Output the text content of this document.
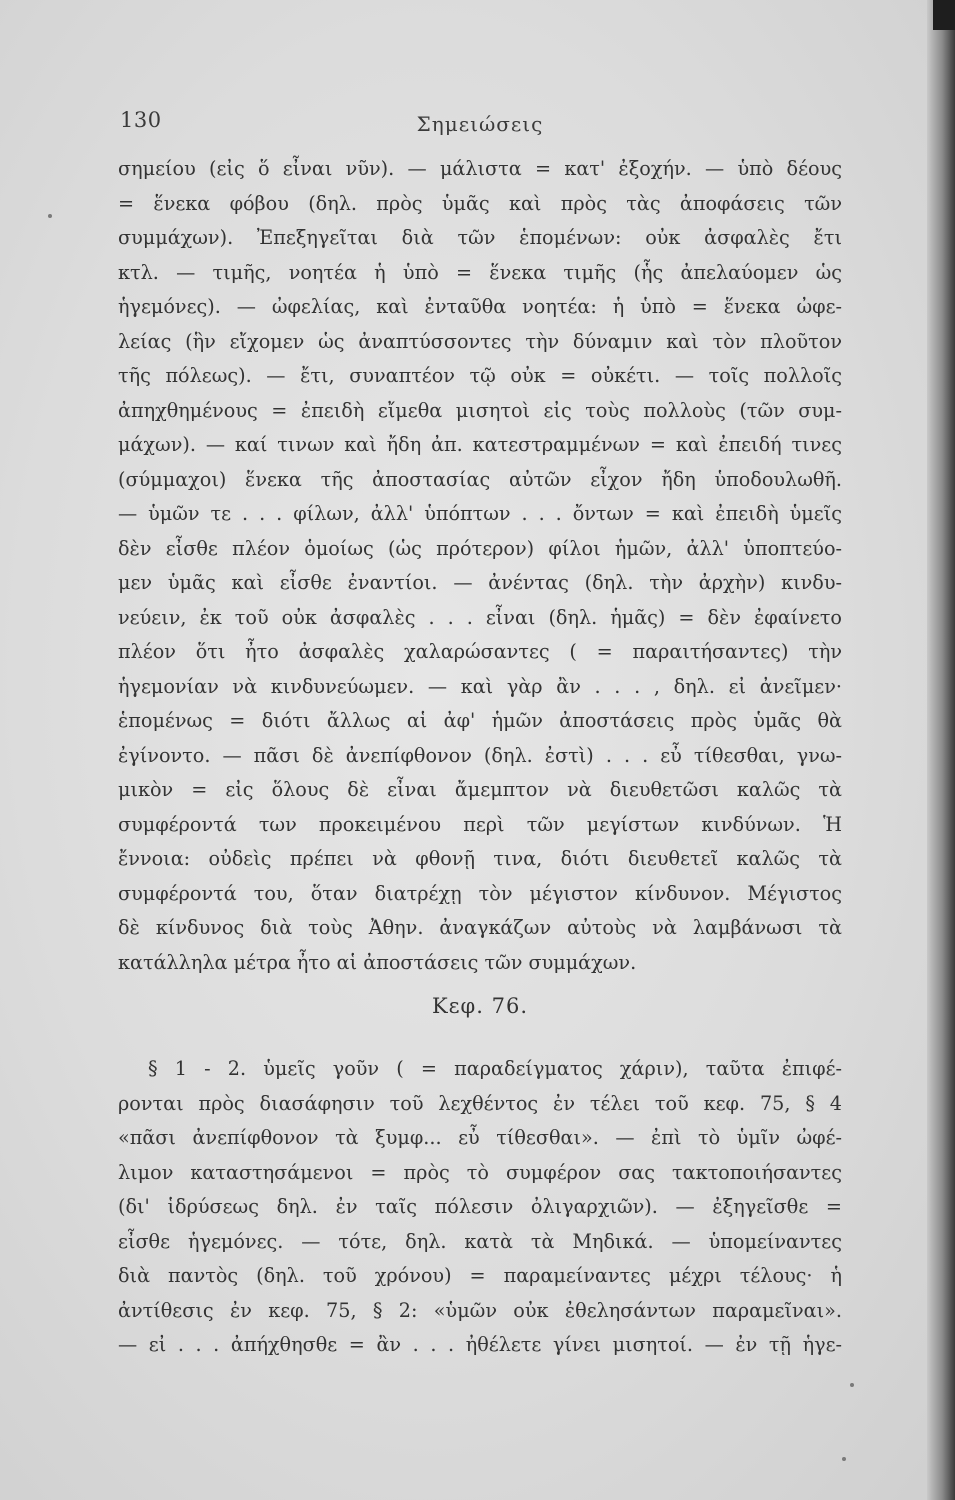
130	Σημειώσεις
σημείου (εἰς ὅ εἶναι νῦν). — μάλιστα = κατ' ἐξοχήν. — ὑπὸ δέους
= ἕνεκα φόβου (δηλ. πρὸς ὑμᾶς καὶ πρὸς τὰς ἀποφάσεις τῶν
συμμάχων). Ἐπεξηγεῖται διὰ τῶν ἑπομένων: οὐκ ἀσφαλὲς ἔτι
κτλ. — τιμῆς, νοητέα ἡ ὑπὸ = ἕνεκα τιμῆς (ἧς ἀπελαύομεν ὡς
ἡγεμόνες). — ὠφελίας, καὶ ἐνταῦθα νοητέα: ἡ ὑπὸ = ἕνεκα ὠφε-
λείας (ἣν εἴχομεν ὡς ἀναπτύσσοντες τὴν δύναμιν καὶ τὸν πλοῦτον
τῆς πόλεως). — ἔτι, συναπτέον τῷ οὐκ = οὐκέτι. — τοῖς πολλοῖς
ἀπηχθημένους = ἐπειδὴ εἴμεθα μισητοὶ εἰς τοὺς πολλοὺς (τῶν συμ-
μάχων). — καί τινων καὶ ἤδη ἀπ. κατεστραμμένων = καὶ ἐπειδή τινες
(σύμμαχοι) ἕνεκα τῆς ἀποστασίας αὐτῶν εἶχον ἤδη ὑποδουλωθῆ.
— ὑμῶν τε . . . φίλων, ἀλλ' ὑπόπτων . . . ὄντων = καὶ ἐπειδὴ ὑμεῖς
δὲν εἶσθε πλέον ὁμοίως (ὡς πρότερον) φίλοι ἡμῶν, ἀλλ' ὑποπτεύο-
μεν ὑμᾶς καὶ εἶσθε ἐναντίοι. — ἀνέντας (δηλ. τὴν ἀρχὴν) κινδυ-
νεύειν, ἐκ τοῦ οὐκ ἀσφαλὲς . . . εἶναι (δηλ. ἡμᾶς) = δὲν ἐφαίνετο
πλέον ὅτι ἦτο ἀσφαλὲς χαλαρώσαντες ( = παραιτήσαντες) τὴν
ἡγεμονίαν νὰ κινδυνεύωμεν. — καὶ γὰρ ἂν . . . , δηλ. εἰ ἀνεῖμεν·
ἑπομένως = διότι ἄλλως αἱ ἀφ' ἡμῶν ἀποστάσεις πρὸς ὑμᾶς θὰ
ἐγίνοντο. — πᾶσι δὲ ἀνεπίφθονον (δηλ. ἐστὶ) . . . εὖ τίθεσθαι, γνω-
μικὸν = εἰς ὅλους δὲ εἶναι ἄμεμπτον νὰ διευθετῶσι καλῶς τὰ
συμφέροντά των προκειμένου περὶ τῶν μεγίστων κινδύνων. Ἡ
ἔννοια: οὐδεὶς πρέπει νὰ φθονῇ τινα, διότι διευθετεῖ καλῶς τὰ
συμφέροντά του, ὅταν διατρέχῃ τὸν μέγιστον κίνδυνον. Μέγιστος
δὲ κίνδυνος διὰ τοὺς Ἀθην. ἀναγκάζων αὐτοὺς νὰ λαμβάνωσι τὰ
κατάλληλα μέτρα ἦτο αἱ ἀποστάσεις τῶν συμμάχων.
Κεφ. 76.
§ 1 - 2. ὑμεῖς γοῦν ( = παραδείγματος χάριν), ταῦτα ἐπιφέ-
ρονται πρὸς διασάφησιν τοῦ λεχθέντος ἐν τέλει τοῦ κεφ. 75, § 4
«πᾶσι ἀνεπίφθονον τὰ ξυμφ... εὖ τίθεσθαι». — ἐπὶ τὸ ὑμῖν ὠφέ-
λιμον καταστησάμενοι = πρὸς τὸ συμφέρον σας τακτοποιήσαντες
(δι' ἱδρύσεως δηλ. ἐν ταῖς πόλεσιν ὀλιγαρχιῶν). — ἐξηγεῖσθε =
εἶσθε ἡγεμόνες. — τότε, δηλ. κατὰ τὰ Μηδικά. — ὑπομείναντες
διὰ παντὸς (δηλ. τοῦ χρόνου) = παραμείναντες μέχρι τέλους· ἡ
ἀντίθεσις ἐν κεφ. 75, § 2: «ὑμῶν οὐκ ἐθελησάντων παραμεῖναι».
— εἰ . . . ἀπήχθησθε = ἂν . . . ἠθέλετε γίνει μισητοί. — ἐν τῇ ἡγε-
